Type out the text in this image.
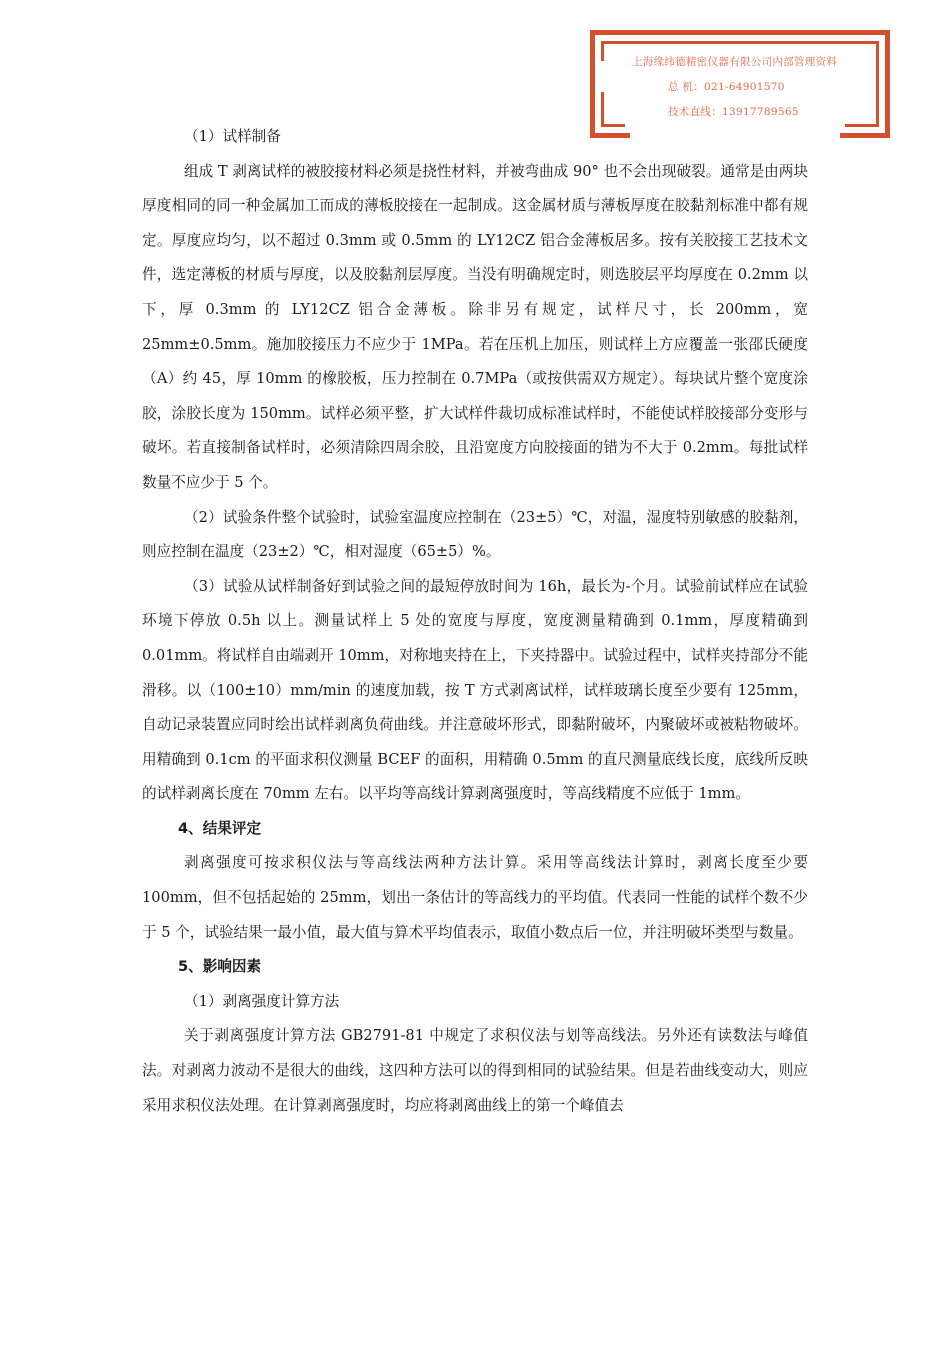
上海缘纬德精密仪器有限公司内部管理资料
总 机：021-64901570
技术直线：13917789565

（1）试样制备

组成 T 剥离试样的被胶接材料必须是挠性材料，并被弯曲成 90° 也不会出现破裂。通常是由两块厚度相同的同一种金属加工而成的薄板胶接在一起制成。这金属材质与薄板厚度在胶黏剂标准中都有规定。厚度应均匀，以不超过 0.3mm 或 0.5mm 的 LY12CZ 铝合金薄板居多。按有关胶接工艺技术文件，选定薄板的材质与厚度，以及胶黏剂层厚度。当没有明确规定时，则选胶层平均厚度在 0.2mm 以下，厚 0.3mm 的 LY12CZ 铝合金薄板。除非另有规定，试样尺寸，长 200mm，宽 25mm±0.5mm。施加胶接压力不应少于 1MPa。若在压机上加压，则试样上方应覆盖一张邵氏硬度（A）约 45，厚 10mm 的橡胶板，压力控制在 0.7MPa（或按供需双方规定）。每块试片整个宽度涂胶，涂胶长度为 150mm。试样必须平整，扩大试样件裁切成标准试样时，不能使试样胶接部分变形与破坏。若直接制备试样时，必须清除四周余胶，且沿宽度方向胶接面的错为不大于 0.2mm。每批试样数量不应少于 5 个。

（2）试验条件整个试验时，试验室温度应控制在（23±5）℃，对温，湿度特别敏感的胶黏剂，则应控制在温度（23±2）℃，相对湿度（65±5）%。

（3）试验从试样制备好到试验之间的最短停放时间为 16h，最长为-个月。试验前试样应在试验环境下停放 0.5h 以上。测量试样上 5 处的宽度与厚度，宽度测量精确到 0.1mm，厚度精确到 0.01mm。将试样自由端剥开 10mm，对称地夹持在上，下夹持器中。试验过程中，试样夹持部分不能滑移。以（100±10）mm/min 的速度加载，按 T 方式剥离试样，试样玻璃长度至少要有 125mm，自动记录装置应同时绘出试样剥离负荷曲线。并注意破坏形式，即黏附破坏，内聚破坏或被粘物破坏。用精确到 0.1cm 的平面求积仪测量 BCEF 的面积，用精确 0.5mm 的直尺测量底线长度，底线所反映的试样剥离长度在 70mm 左右。以平均等高线计算剥离强度时，等高线精度不应低于 1mm。

4、结果评定

剥离强度可按求积仪法与等高线法两种方法计算。采用等高线法计算时，剥离长度至少要 100mm，但不包括起始的 25mm，划出一条估计的等高线力的平均值。代表同一性能的试样个数不少于 5 个，试验结果一最小值，最大值与算术平均值表示，取值小数点后一位，并注明破坏类型与数量。

5、影响因素

（1）剥离强度计算方法

关于剥离强度计算方法 GB2791-81 中规定了求积仪法与划等高线法。另外还有读数法与峰值法。对剥离力波动不是很大的曲线，这四种方法可以的得到相同的试验结果。但是若曲线变动大，则应采用求积仪法处理。在计算剥离强度时，均应将剥离曲线上的第一个峰值去
